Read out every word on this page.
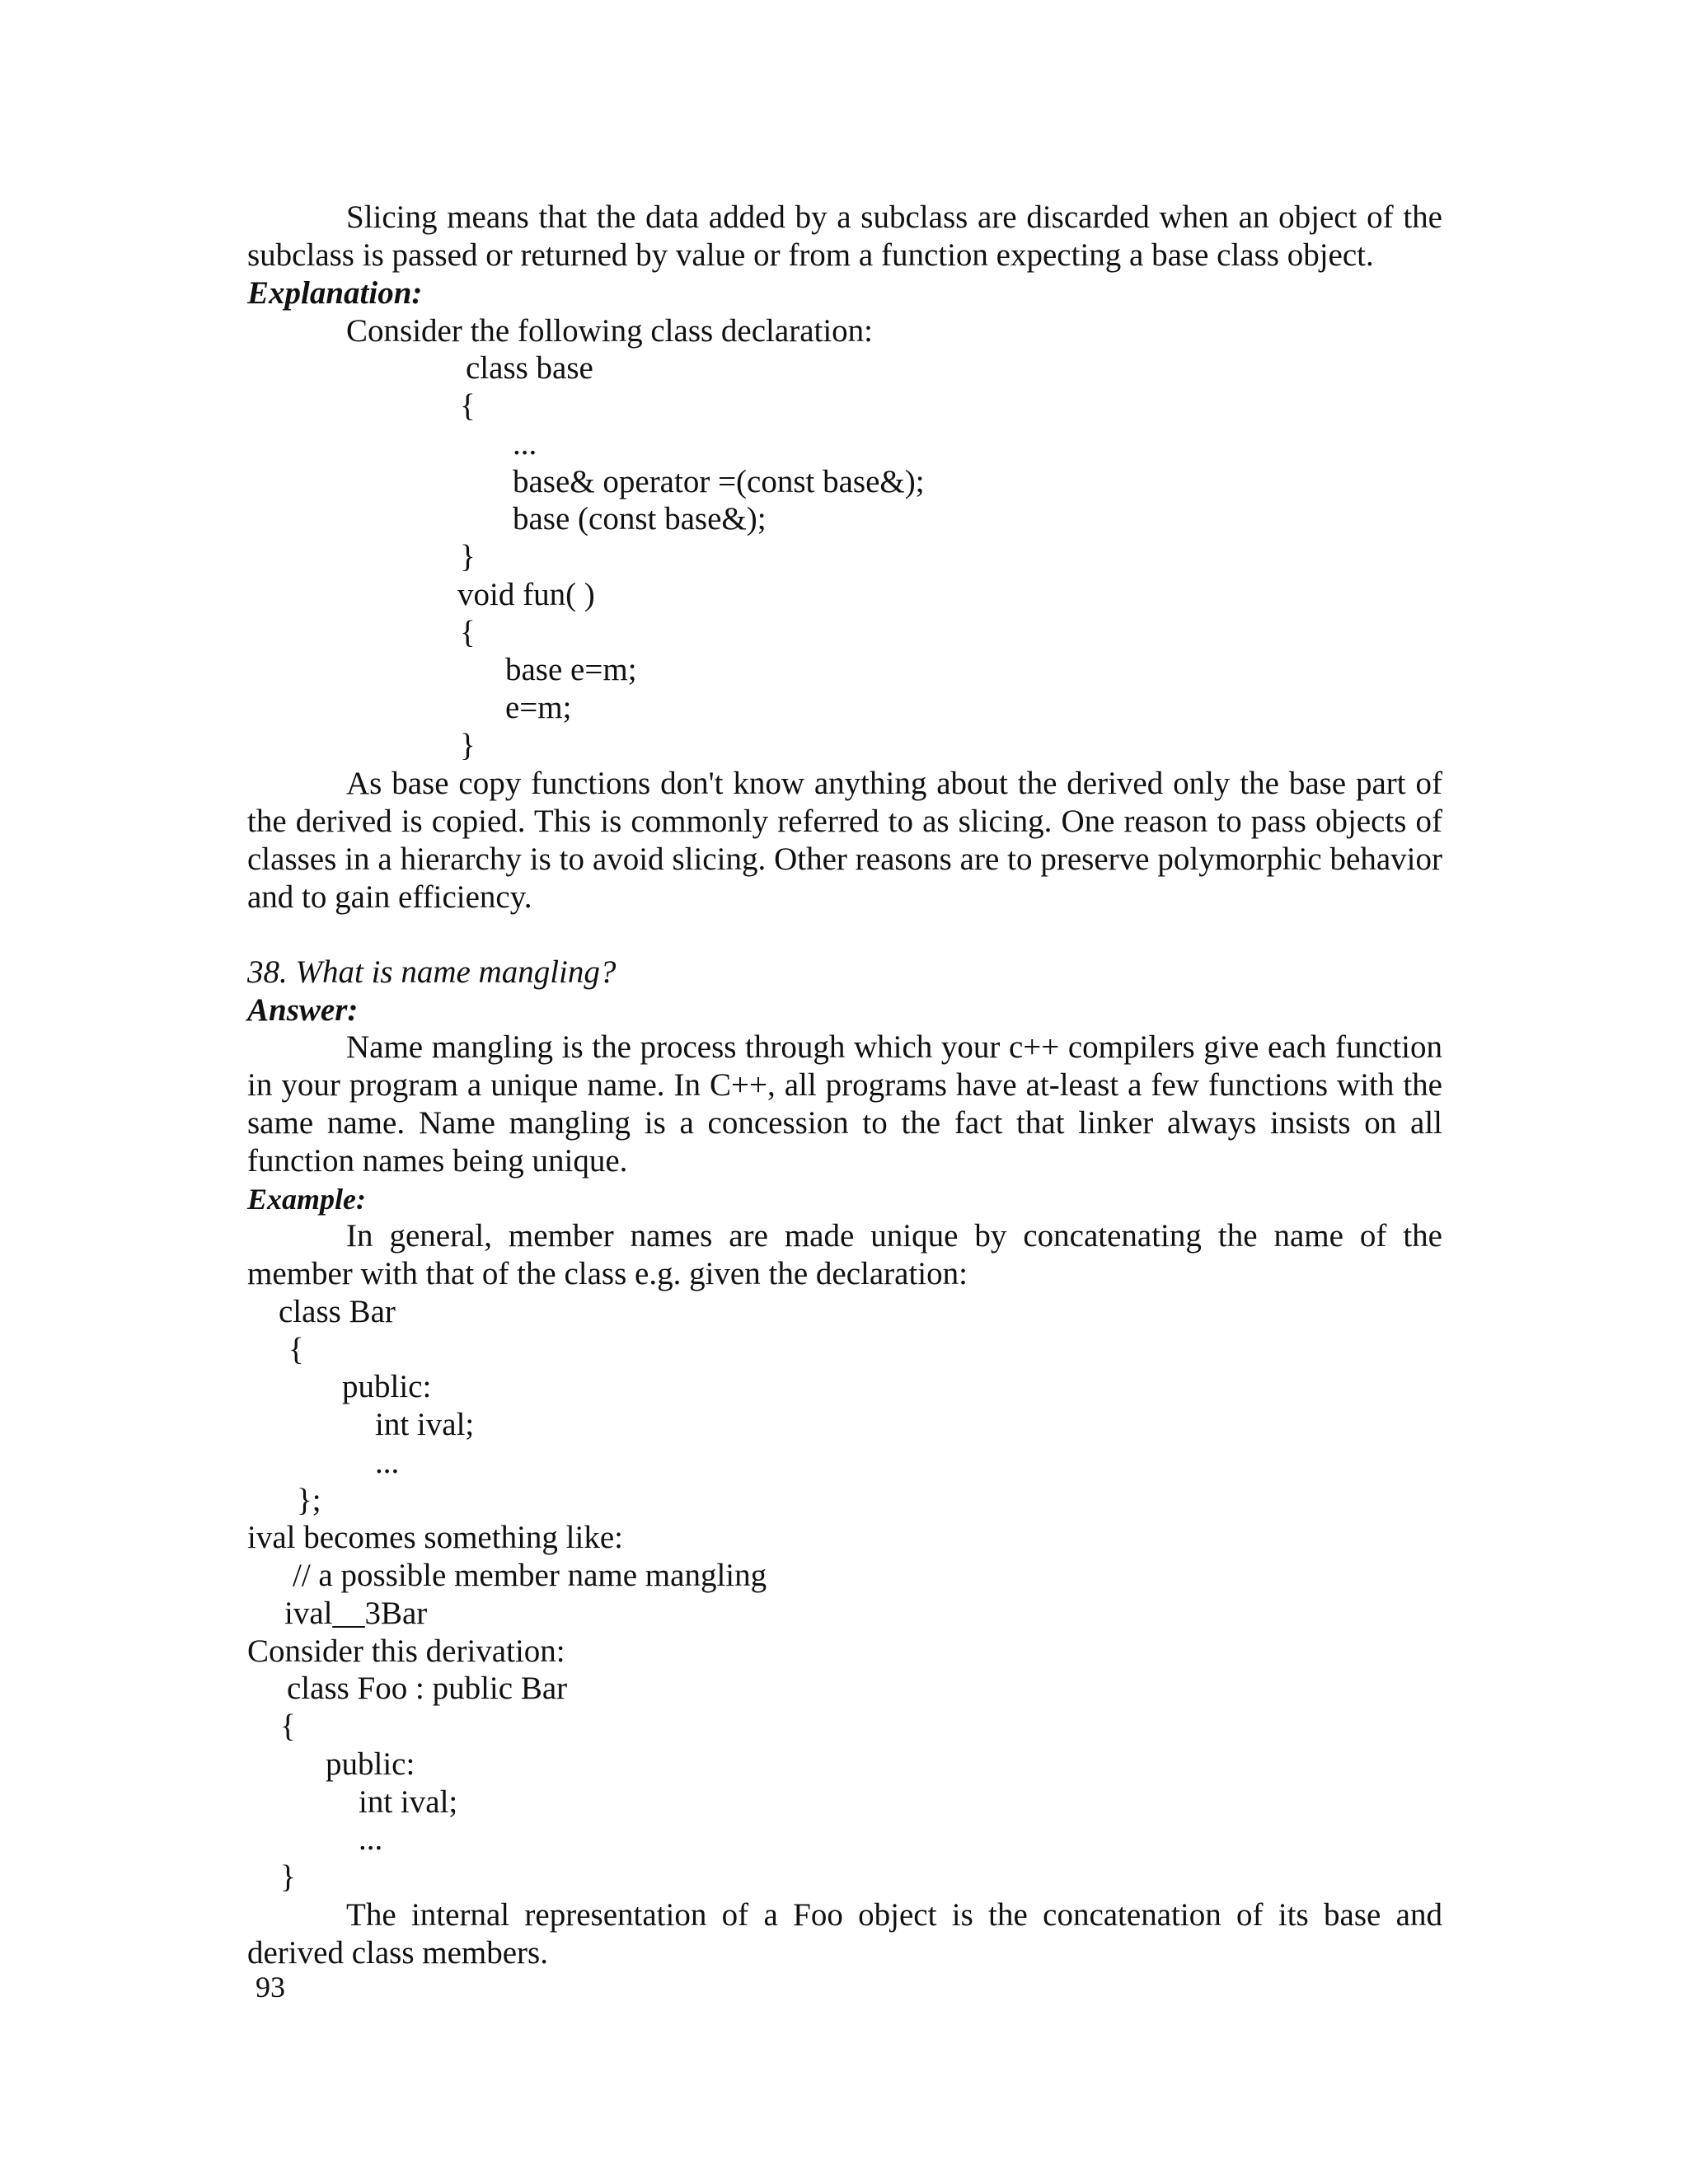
Slicing means that the data added by a subclass are discarded when an object of the subclass is passed or returned by value or from a function expecting a base class object.

Explanation:
Consider the following class declaration:
class base
{
...
base& operator =(const base&);
base (const base&);
}
void fun( )
{
base e=m;
e=m;
}

As base copy functions don't know anything about the derived only the base part of the derived is copied. This is commonly referred to as slicing. One reason to pass objects of classes in a hierarchy is to avoid slicing. Other reasons are to preserve polymorphic behavior and to gain efficiency.

38. What is name mangling?
Answer:

Name mangling is the process through which your c++ compilers give each function in your program a unique name. In C++, all programs have at-least a few functions with the same name. Name mangling is a concession to the fact that linker always insists on all function names being unique.

Example:

In general, member names are made unique by concatenating the name of the member with that of the class e.g. given the declaration:

class Bar
{
public:
int ival;
...
};
ival becomes something like:
// a possible member name mangling
ival__3Bar
Consider this derivation:
class Foo : public Bar
{
public:
int ival;
...
}

The internal representation of a Foo object is the concatenation of its base and derived class members.

93
